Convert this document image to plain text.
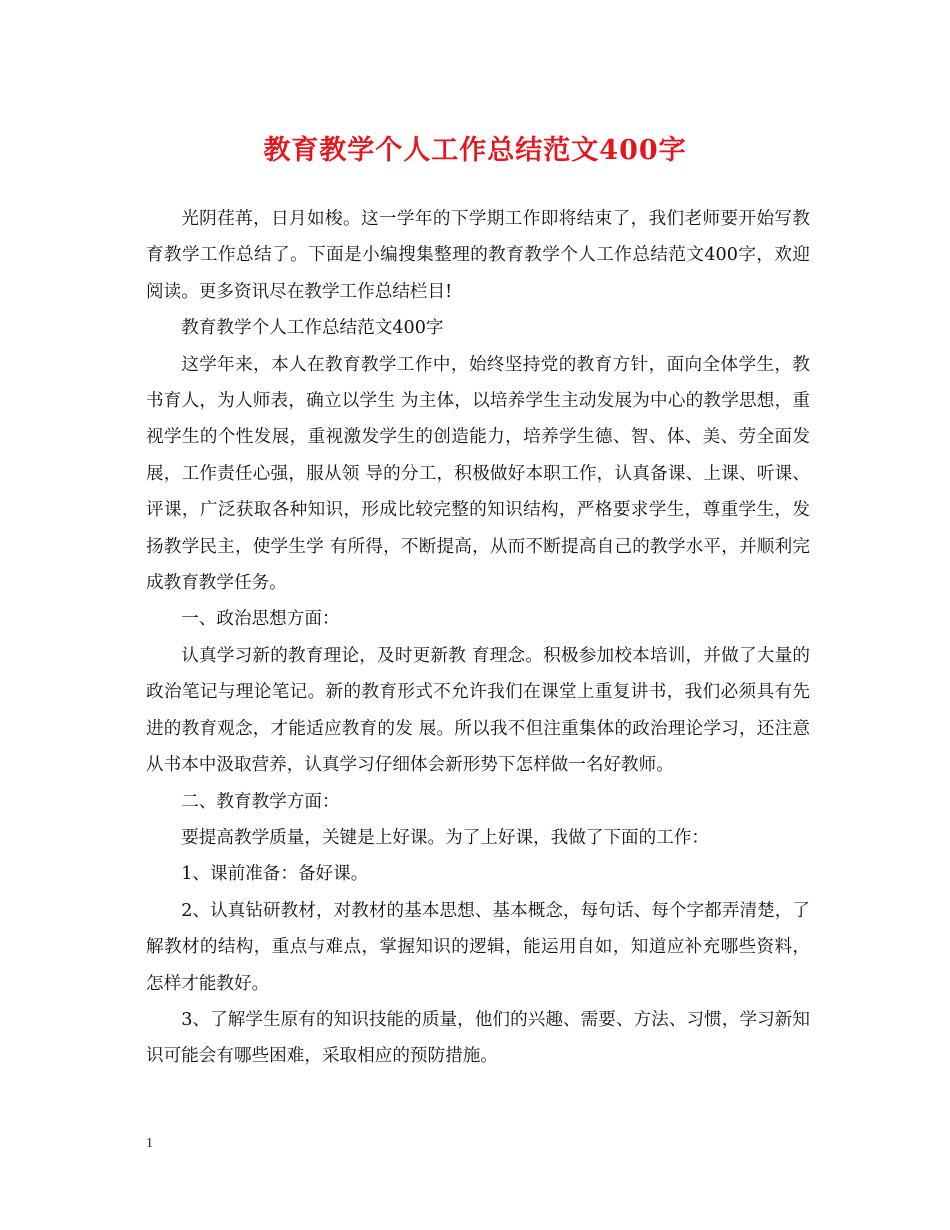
教育教学个人工作总结范文400字

光阴荏苒，日月如梭。这一学年的下学期工作即将结束了，我们老师要开始写教育教学工作总结了。下面是小编搜集整理的教育教学个人工作总结范文400字，欢迎阅读。更多资讯尽在教学工作总结栏目!

教育教学个人工作总结范文400字

这学年来，本人在教育教学工作中，始终坚持党的教育方针，面向全体学生，教书育人，为人师表，确立以学生 为主体，以培养学生主动发展为中心的教学思想，重视学生的个性发展，重视激发学生的创造能力，培养学生德、智、体、美、劳全面发展，工作责任心强，服从领 导的分工，积极做好本职工作，认真备课、上课、听课、评课，广泛获取各种知识，形成比较完整的知识结构，严格要求学生，尊重学生，发扬教学民主，使学生学 有所得，不断提高，从而不断提高自己的教学水平，并顺利完成教育教学任务。

一、政治思想方面：

认真学习新的教育理论，及时更新教 育理念。积极参加校本培训，并做了大量的政治笔记与理论笔记。新的教育形式不允许我们在课堂上重复讲书，我们必须具有先进的教育观念，才能适应教育的发 展。所以我不但注重集体的政治理论学习，还注意从书本中汲取营养，认真学习仔细体会新形势下怎样做一名好教师。

二、教育教学方面：

要提高教学质量，关键是上好课。为了上好课，我做了下面的工作：

1、课前准备：备好课。

2、认真钻研教材，对教材的基本思想、基本概念，每句话、每个字都弄清楚，了解教材的结构，重点与难点，掌握知识的逻辑，能运用自如，知道应补充哪些资料，怎样才能教好。

3、了解学生原有的知识技能的质量，他们的兴趣、需要、方法、习惯，学习新知识可能会有哪些困难，采取相应的预防措施。

1
